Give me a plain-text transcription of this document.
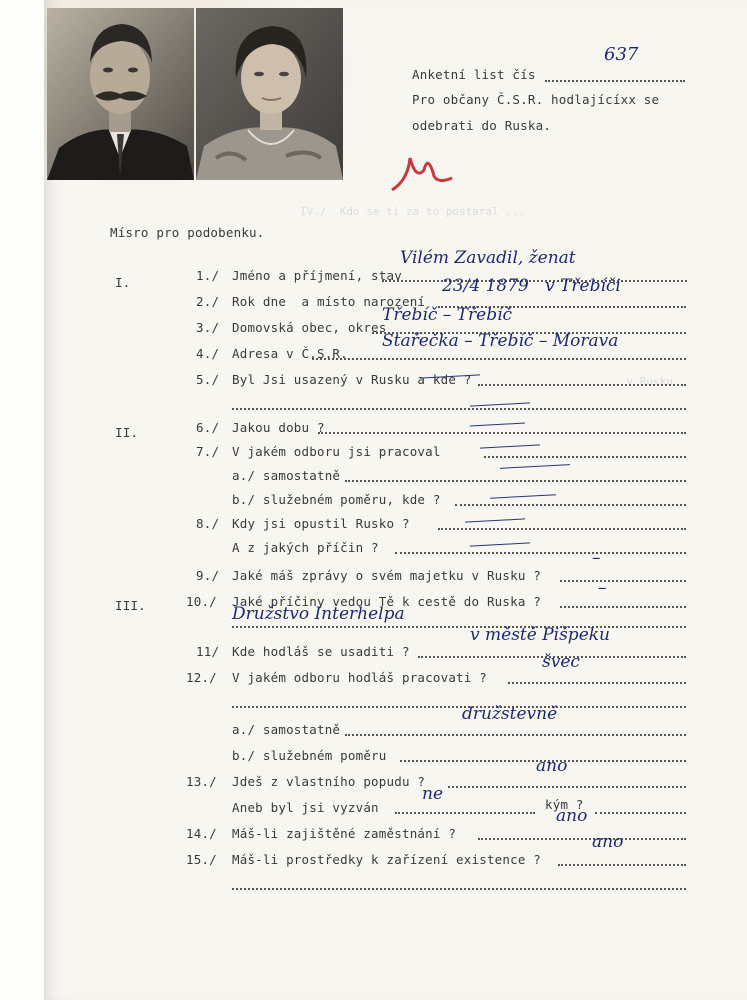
IV./  Kdo se ti za to postaral ...
... v Rusku
Anketní list čís
637
Pro občany Č.S.R. hodlajícíxx se
odebrati do Ruska.
Mísro pro podobenku.
I.
II.
III.
1./ Jméno a příjmení, stav
Vilém Zavadil, ženat
2./ Rok dne  a místo narození
23/4 1879   v Třebíči
3./ Domovská obec, okres
Třebíč – Třebíč
4./ Adresa v Č.S.R.
Stařečka – Třebíč – Morava
5./ Byl Jsi usazený v Rusku a kde ?
6./ Jakou dobu ?
7./ V jakém odboru jsi pracoval
a./ samostatně
b./ služebném poměru, kde ?
8./ Kdy jsi opustil Rusko ?
A z jakých příčin ?
9./ Jaké máš zprávy o svém majetku v Rusku ?
–
10./ Jaké příčiny vedou Tě k cestě do Ruska ?
–
Družstvo Interhelpa
11/ Kde hodláš se usaditi ?
v městě Pišpeku
12./ V jakém odboru hodláš pracovati ?
švec
a./ samostatně
družstevně
b./ služebném poměru
13./ Jdeš z vlastního popudu ?
ano
Aneb byl jsi vyzván
ne
14./ Máš-li zajištěné zaměstnání ?
ano
15./ Máš-li prostředky k zařízení existence ?
ano
kým ?
